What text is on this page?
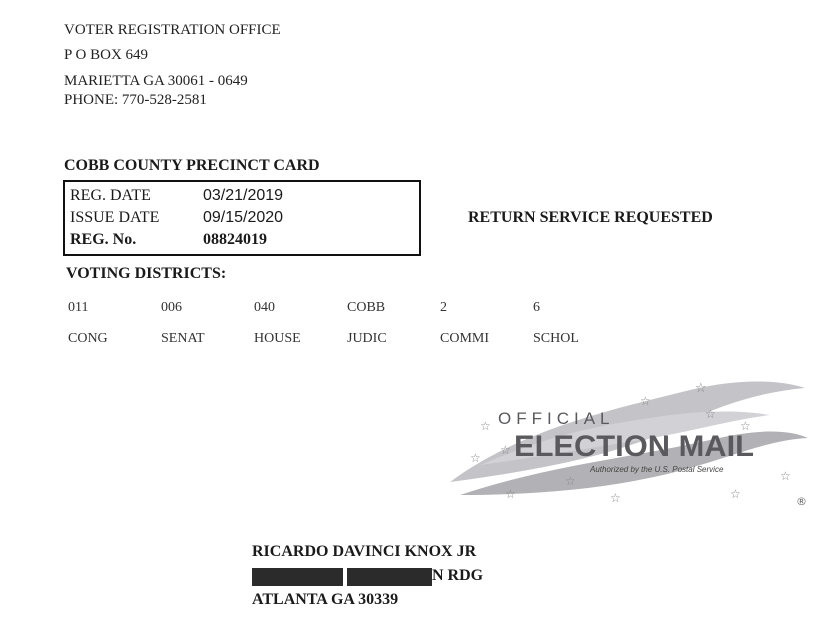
VOTER REGISTRATION OFFICE
P O BOX 649
MARIETTA GA 30061 - 0649
PHONE: 770-528-2581
COBB COUNTY PRECINCT CARD
REG. DATE	03/21/2019
ISSUE DATE	09/15/2020
REG. No.	08824019
RETURN SERVICE REQUESTED
VOTING DISTRICTS:
011	006	040	COBB	2	6
CONG	SENAT	HOUSE	JUDIC	COMMI	SCHOL
☆
☆
☆
☆
☆
☆
☆
☆	☆	☆
☆
☆
®
OFFICIAL
ELECTION MAIL
Authorized by the U.S. Postal Service
RICARDO DAVINCI KNOX JR
N RDG
ATLANTA GA 30339
